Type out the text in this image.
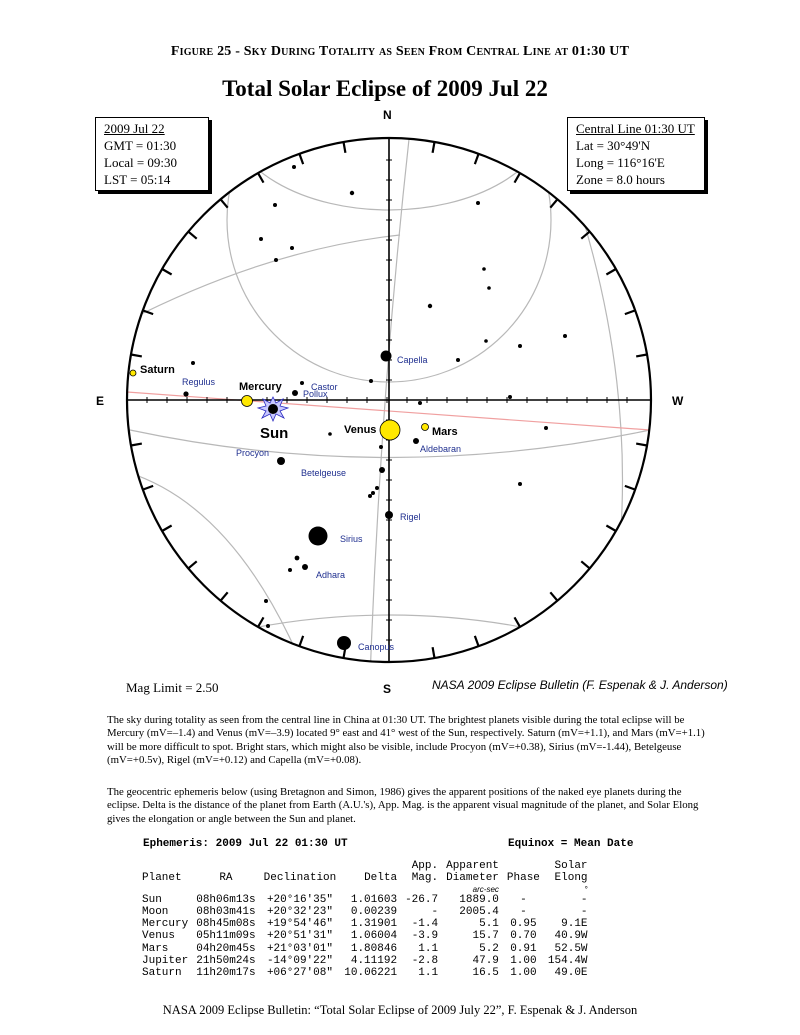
Figure 25 - Sky During Totality as Seen From Central Line at 01:30 UT
Total Solar Eclipse of 2009 Jul 22
N
S
E	W
Saturn
Mercury
Sun	Venus	Mars
Capella
Regulus	Castor
Pollux
Procyon
Betelgeuse
Aldebaran
Rigel
Sirius
Adhara
Canopus
2009 Jul 22
GMT = 01:30
Local = 09:30
LST = 05:14
Central Line 01:30 UT
Lat = 30°49'N
Long = 116°16'E
Zone = 8.0 hours
Mag Limit = 2.50	NASA 2009 Eclipse Bulletin (F. Espenak & J. Anderson)
The sky during totality as seen from the central line in China at 01:30 UT. The brightest planets visible during the total eclipse will be Mercury (mV=–1.4) and Venus (mV=–3.9) located 9° east and 41° west of the Sun, respectively. Saturn (mV=+1.1), and Mars (mV=+1.1) will be more difficult to spot. Bright stars, which might also be visible, include Procyon (mV=+0.38), Sirius (mV=-1.44), Betelgeuse (mV=+0.5v), Rigel (mV=+0.12) and Capella (mV=+0.08).
The geocentric ephemeris below (using Bretagnon and Simon, 1986) gives the apparent positions of the naked eye planets during the eclipse. Delta is the distance of the planet from Earth (A.U.'s), App. Mag. is the apparent visual magnitude of the planet, and Solar Elong gives the elongation or angle between the Sun and planet.
Ephemeris: 2009 Jul 22 01:30 UT	Equinox = Mean Date
				App.	Apparent		Solar
Planet	RA	Declination	Delta	Mag.	Diameter	Phase	Elong
					arc-sec		°
Sun	08h06m13s	+20°16'35"	1.01603	-26.7	1889.0	-	-
Moon	08h03m41s	+20°32'23"	0.00239	-	2005.4	-	-
Mercury	08h45m08s	+19°54'46"	1.31901	-1.4	5.1	0.95	9.1E
Venus	05h11m09s	+20°51'31"	1.06004	-3.9	15.7	0.70	40.9W
Mars	04h20m45s	+21°03'01"	1.80846	1.1	5.2	0.91	52.5W
Jupiter	21h50m24s	-14°09'22"	4.11192	-2.8	47.9	1.00	154.4W
Saturn	11h20m17s	+06°27'08"	10.06221	1.1	16.5	1.00	49.0E
NASA 2009 Eclipse Bulletin: “Total Solar Eclipse of 2009 July 22”, F. Espenak & J. Anderson
